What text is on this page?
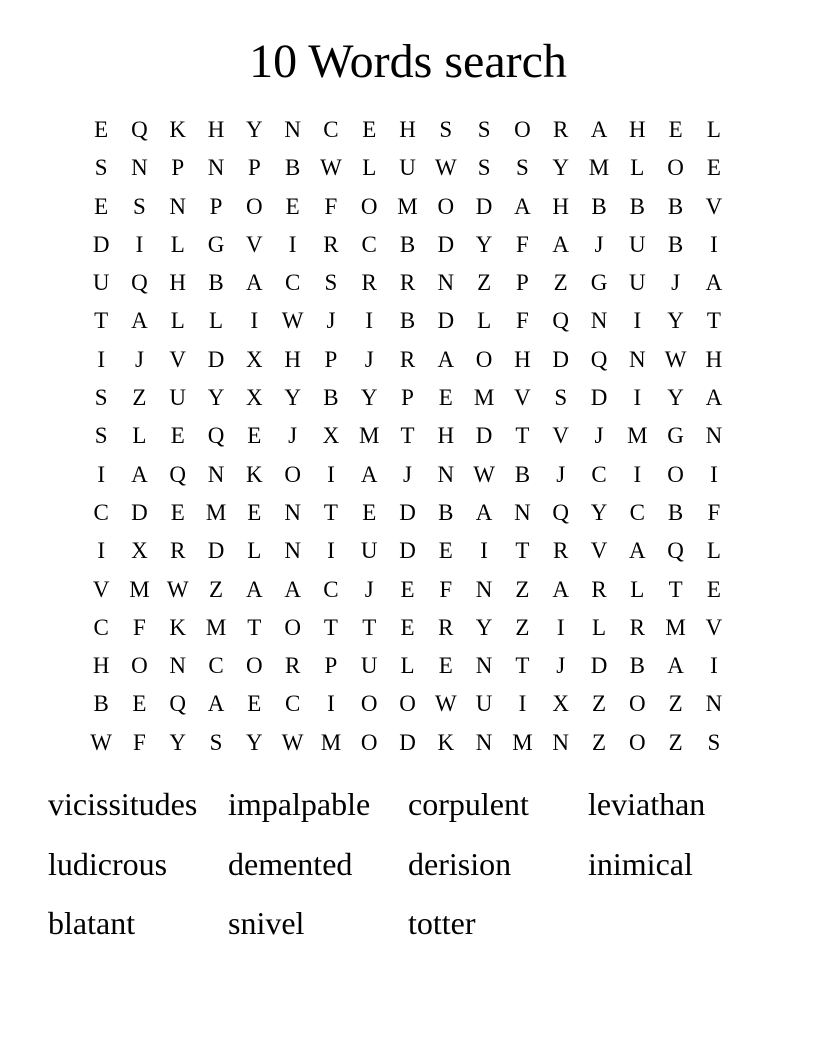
10 Words search
E Q K H Y N C	E H	S	S	O R A H E	L
S	N	P	N	P	B W L U W S	S	Y M L O E
E	S	N	P	O E	F	O M O D A H B B B V
D	I	L G V	I	R C B D Y	F	A	J	U B	I
U Q H B A C	S	R R N Z	P	Z G U	J	A
T A L	L	I	W J	I	B D L	F	Q N	I	Y T
I	J	V D X H	P	J	R A O H D Q N W H
S	Z U Y X Y B Y	P	E M V	S	D	I	Y A
S	L	E Q E	J	X M T H D T V	J	M G N
I	A Q N K O	I	A	J	N W B	J	C	I	O	I
C D E M E N T	E D B A N Q Y C B	F
I	X R D L N	I	U D E	I	T	R V A Q L
V M W Z A A C	J	E	F	N Z A R	L	T	E
C	F	K M T O T	T	E	R Y Z	I	L	R M V
H O N C O R	P	U L	E N T	J	D B A	I
B	E Q A E	C	I	O O W U	I	X Z O Z N
W F	Y	S	Y W M O D K N M N Z O Z	S
vicissitudes impalpable	corpulent	leviathan
ludicrous	demented	derision	inimical
blatant	snivel	totter
